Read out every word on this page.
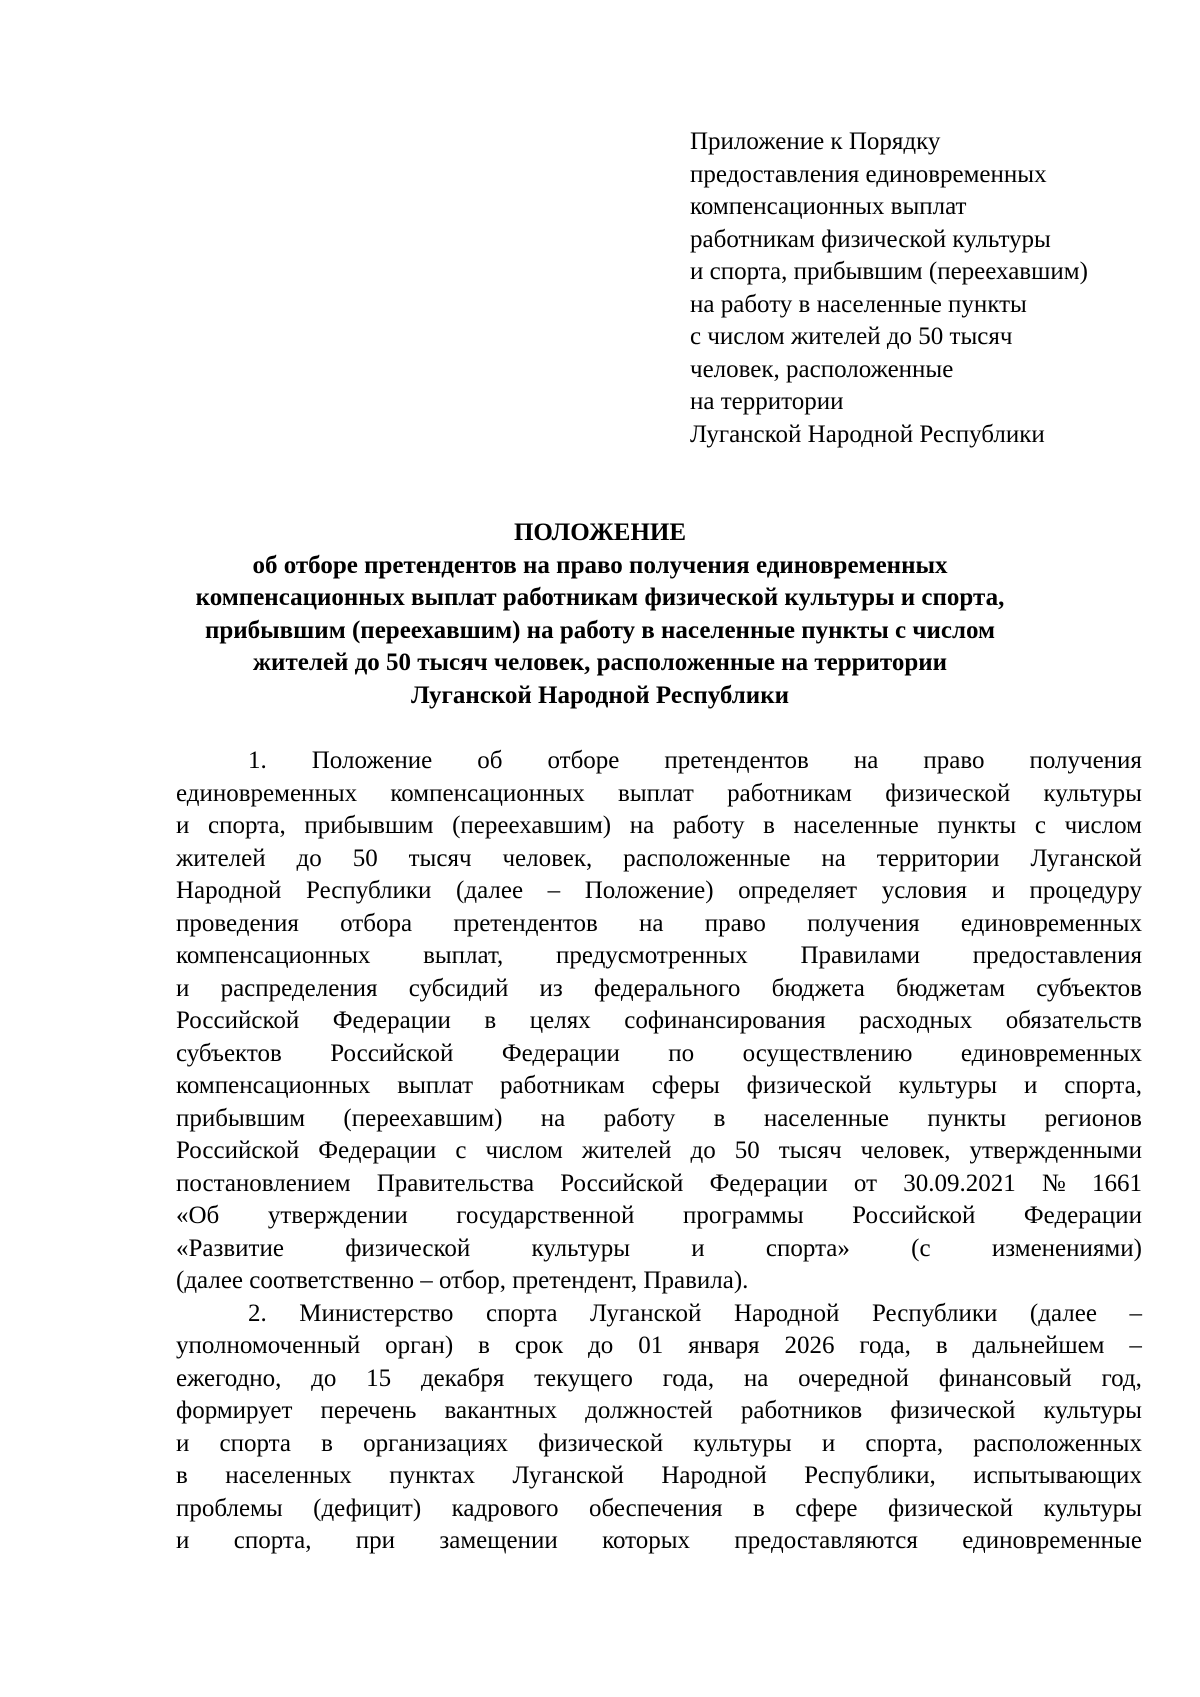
Приложение к Порядку
предоставления единовременных
компенсационных выплат
работникам физической культуры
и спорта, прибывшим (переехавшим)
на работу в населенные пункты
с числом жителей до 50 тысяч
человек, расположенные
на территории
Луганской Народной Республики
ПОЛОЖЕНИЕ
об отборе претендентов на право получения единовременных
компенсационных выплат работникам физической культуры и спорта,
прибывшим (переехавшим) на работу в населенные пункты с числом
жителей до 50 тысяч человек, расположенные на территории
Луганской Народной Республики
1. Положение об отборе претендентов на право получения
единовременных компенсационных выплат работникам физической культуры
и спорта, прибывшим (переехавшим) на работу в населенные пункты с числом
жителей до 50 тысяч человек, расположенные на территории Луганской
Народной Республики (далее – Положение) определяет условия и процедуру
проведения отбора претендентов на право получения единовременных
компенсационных выплат, предусмотренных Правилами предоставления
и распределения субсидий из федерального бюджета бюджетам субъектов
Российской Федерации в целях софинансирования расходных обязательств
субъектов Российской Федерации по осуществлению единовременных
компенсационных выплат работникам сферы физической культуры и спорта,
прибывшим (переехавшим) на работу в населенные пункты регионов
Российской Федерации с числом жителей до 50 тысяч человек, утвержденными
постановлением Правительства Российской Федерации от 30.09.2021 № 1661
«Об утверждении государственной программы Российской Федерации
«Развитие физической культуры и спорта» (с изменениями)
(далее соответственно – отбор, претендент, Правила).
2. Министерство спорта Луганской Народной Республики (далее –
уполномоченный орган) в срок до 01 января 2026 года, в дальнейшем –
ежегодно, до 15 декабря текущего года, на очередной финансовый год,
формирует перечень вакантных должностей работников физической культуры
и спорта в организациях физической культуры и спорта, расположенных
в населенных пунктах Луганской Народной Республики, испытывающих
проблемы (дефицит) кадрового обеспечения в сфере физической культуры
и спорта, при замещении которых предоставляются единовременные
